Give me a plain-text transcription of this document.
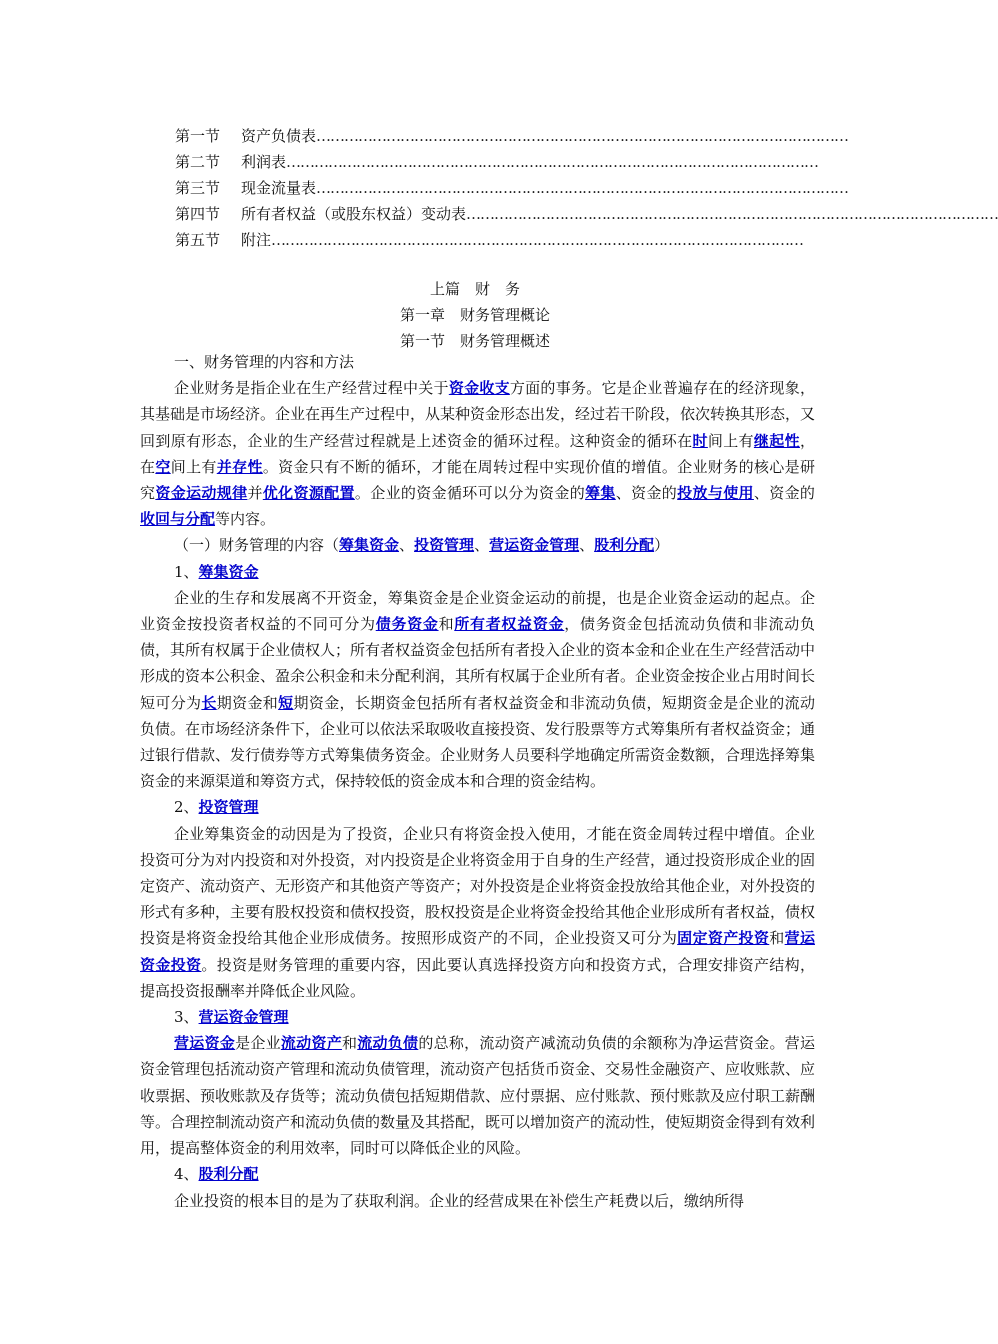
第一节	资产负债表 ……………………………………………………………………………………………………
第二节	利润表 ……………………………………………………………………………………………………
第三节	现金流量表 ……………………………………………………………………………………………………
第四节	所有者权益（或股东权益）变动表 ……………………………………………………………………………………………………
第五节	附注 ……………………………………………………………………………………………………
上篇　财　务
第一章　财务管理概论
第一节　财务管理概述

一、财务管理的内容和方法

企业财务是指企业在生产经营过程中关于资金收支方面的事务。它是企业普遍存在的经济现象，其基础是市场经济。企业在再生产过程中，从某种资金形态出发，经过若干阶段，依次转换其形态，又回到原有形态，企业的生产经营过程就是上述资金的循环过程。这种资金的循环在时间上有继起性，在空间上有并存性。资金只有不断的循环，才能在周转过程中实现价值的增值。企业财务的核心是研究资金运动规律并优化资源配置。企业的资金循环可以分为资金的筹集、资金的投放与使用、资金的收回与分配等内容。

（一）财务管理的内容（筹集资金、投资管理、营运资金管理、股利分配）

1、筹集资金

企业的生存和发展离不开资金，筹集资金是企业资金运动的前提，也是企业资金运动的起点。企业资金按投资者权益的不同可分为债务资金和所有者权益资金，债务资金包括流动负债和非流动负债，其所有权属于企业债权人；所有者权益资金包括所有者投入企业的资本金和企业在生产经营活动中形成的资本公积金、盈余公积金和未分配利润，其所有权属于企业所有者。企业资金按企业占用时间长短可分为长期资金和短期资金，长期资金包括所有者权益资金和非流动负债，短期资金是企业的流动负债。在市场经济条件下，企业可以依法采取吸收直接投资、发行股票等方式筹集所有者权益资金；通过银行借款、发行债券等方式筹集债务资金。企业财务人员要科学地确定所需资金数额，合理选择筹集资金的来源渠道和筹资方式，保持较低的资金成本和合理的资金结构。

2、投资管理

企业筹集资金的动因是为了投资，企业只有将资金投入使用，才能在资金周转过程中增值。企业投资可分为对内投资和对外投资，对内投资是企业将资金用于自身的生产经营，通过投资形成企业的固定资产、流动资产、无形资产和其他资产等资产；对外投资是企业将资金投放给其他企业，对外投资的形式有多种，主要有股权投资和债权投资，股权投资是企业将资金投给其他企业形成所有者权益，债权投资是将资金投给其他企业形成债务。按照形成资产的不同，企业投资又可分为固定资产投资和营运资金投资。投资是财务管理的重要内容，因此要认真选择投资方向和投资方式，合理安排资产结构，提高投资报酬率并降低企业风险。

3、营运资金管理

营运资金是企业流动资产和流动负债的总称，流动资产减流动负债的余额称为净运营资金。营运资金管理包括流动资产管理和流动负债管理，流动资产包括货币资金、交易性金融资产、应收账款、应收票据、预收账款及存货等；流动负债包括短期借款、应付票据、应付账款、预付账款及应付职工薪酬等。合理控制流动资产和流动负债的数量及其搭配，既可以增加资产的流动性，使短期资金得到有效利用，提高整体资金的利用效率，同时可以降低企业的风险。

4、股利分配

企业投资的根本目的是为了获取利润。企业的经营成果在补偿生产耗费以后，缴纳所得
